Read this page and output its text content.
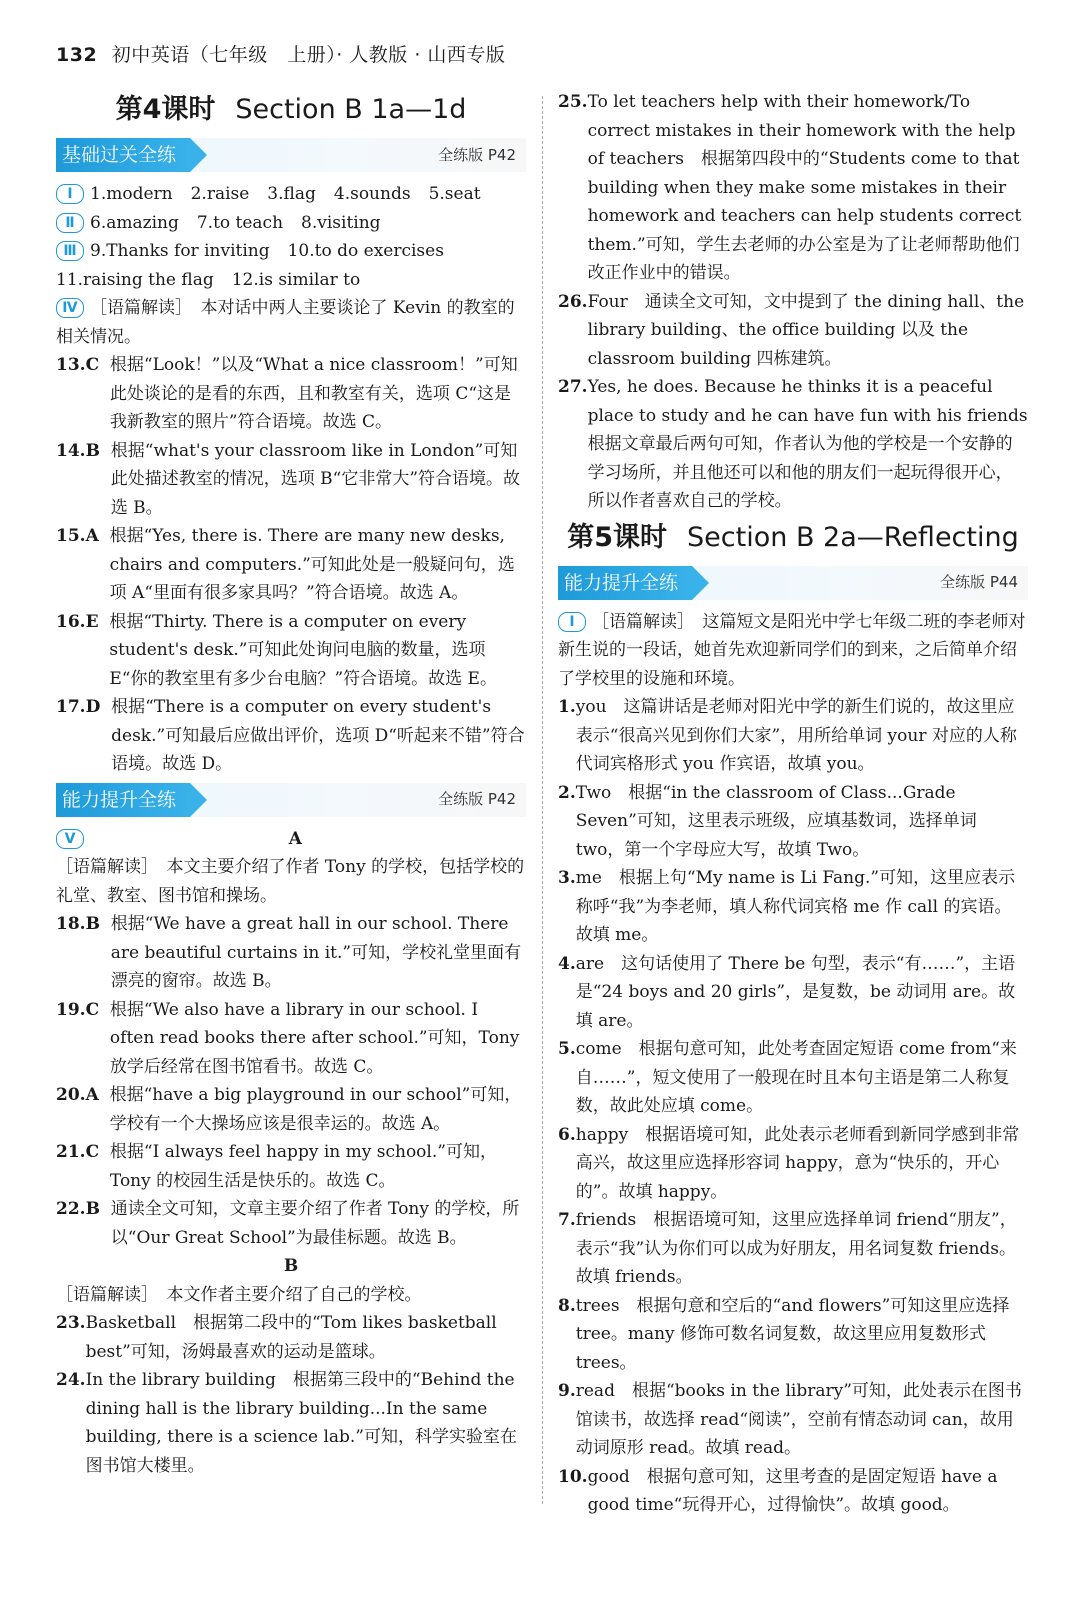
132 初中英语（七年级　上册）· 人教版 · 山西专版
第4课时 Section B 1a—1d
基础过关全练	全练版 P42
Ⅰ 1.modern 2.raise 3.flag 4.sounds 5.seat
Ⅱ 6.amazing 7.to teach 8.visiting
Ⅲ 9.Thanks for inviting 10.to do exercises
11.raising the flag 12.is similar to
Ⅳ ［语篇解读］　本对话中两人主要谈论了 Kevin 的教室的相关情况。
13.C
根据“Look！”以及“What a nice classroom！”可知此处谈论的是看的东西，且和教室有关，选项 C“这是我新教室的照片”符合语境。故选 C。
14.B
根据“what's your classroom like in London”可知此处描述教室的情况，选项 B“它非常大”符合语境。故选 B。
15.A
根据“Yes, there is. There are many new desks, chairs and computers.”可知此处是一般疑问句，选项 A“里面有很多家具吗？”符合语境。故选 A。
16.E
根据“Thirty. There is a computer on every student's desk.”可知此处询问电脑的数量，选项 E“你的教室里有多少台电脑？”符合语境。故选 E。
17.D
根据“There is a computer on every student's desk.”可知最后应做出评价，选项 D“听起来不错”符合语境。故选 D。
能力提升全练	全练版 P42
Ⅴ	A
［语篇解读］　本文主要介绍了作者 Tony 的学校，包括学校的礼堂、教室、图书馆和操场。
18.B
根据“We have a great hall in our school. There are beautiful curtains in it.”可知，学校礼堂里面有漂亮的窗帘。故选 B。
19.C
根据“We also have a library in our school. I often read books there after school.”可知，Tony 放学后经常在图书馆看书。故选 C。
20.A
根据“have a big playground in our school”可知，学校有一个大操场应该是很幸运的。故选 A。
21.C
根据“I always feel happy in my school.”可知，Tony 的校园生活是快乐的。故选 C。
22.B
通读全文可知，文章主要介绍了作者 Tony 的学校，所以“Our Great School”为最佳标题。故选 B。
B
［语篇解读］　本文作者主要介绍了自己的学校。
23. Basketball　根据第二段中的“Tom likes basketball best”可知，汤姆最喜欢的运动是篮球。
24. In the library building　根据第三段中的“Behind the dining hall is the library building...In the same building, there is a science lab.”可知，科学实验室在图书馆大楼里。
25. To let teachers help with their homework/To correct mistakes in their homework with the help of teachers　根据第四段中的“Students come to that building when they make some mistakes in their homework and teachers can help students correct them.”可知，学生去老师的办公室是为了让老师帮助他们改正作业中的错误。
26. Four　通读全文可知，文中提到了 the dining hall、the library building、the office building 以及 the classroom building 四栋建筑。
27. Yes, he does. Because he thinks it is a peaceful place to study and he can have fun with his friends　根据文章最后两句可知，作者认为他的学校是一个安静的学习场所，并且他还可以和他的朋友们一起玩得很开心，所以作者喜欢自己的学校。
第5课时 Section B 2a—Reflecting
能力提升全练	全练版 P44
Ⅰ ［语篇解读］　这篇短文是阳光中学七年级二班的李老师对新生说的一段话，她首先欢迎新同学们的到来，之后简单介绍了学校里的设施和环境。
1. you　这篇讲话是老师对阳光中学的新生们说的，故这里应表示“很高兴见到你们大家”，用所给单词 your 对应的人称代词宾格形式 you 作宾语，故填 you。
2. Two　根据“in the classroom of Class...Grade Seven”可知，这里表示班级，应填基数词，选择单词 two，第一个字母应大写，故填 Two。
3. me　根据上句“My name is Li Fang.”可知，这里应表示称呼“我”为李老师，填人称代词宾格 me 作 call 的宾语。故填 me。
4. are　这句话使用了 There be 句型，表示“有……”，主语是“24 boys and 20 girls”，是复数，be 动词用 are。故填 are。
5. come　根据句意可知，此处考查固定短语 come from“来自……”，短文使用了一般现在时且本句主语是第二人称复数，故此处应填 come。
6. happy　根据语境可知，此处表示老师看到新同学感到非常高兴，故这里应选择形容词 happy，意为“快乐的，开心的”。故填 happy。
7. friends　根据语境可知，这里应选择单词 friend“朋友”，表示“我”认为你们可以成为好朋友，用名词复数 friends。故填 friends。
8. trees　根据句意和空后的“and flowers”可知这里应选择 tree。many 修饰可数名词复数，故这里应用复数形式 trees。
9. read　根据“books in the library”可知，此处表示在图书馆读书，故选择 read“阅读”，空前有情态动词 can，故用动词原形 read。故填 read。
10. good　根据句意可知，这里考查的是固定短语 have a good time“玩得开心，过得愉快”。故填 good。
